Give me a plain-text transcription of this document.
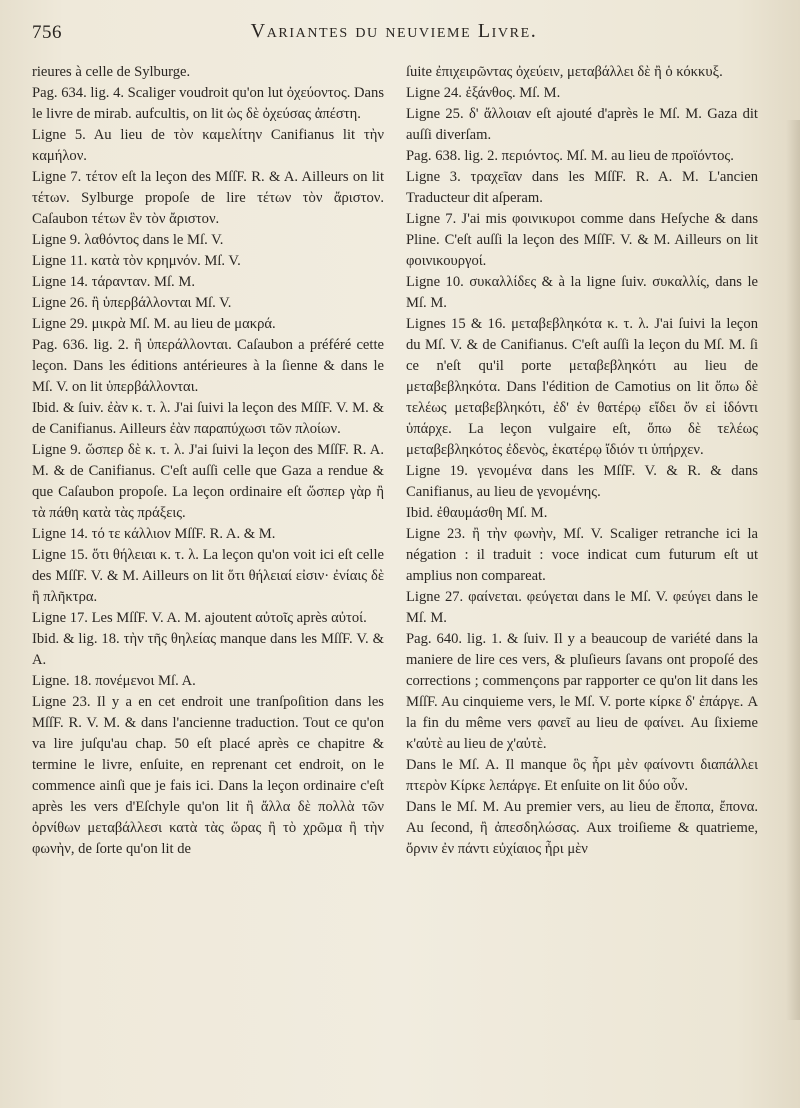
756	Variantes du neuvieme Livre.

rieures à celle de Sylburge.

Pag. 634. lig. 4. Scaliger voudroit qu'on lut ὀχεύοντος. Dans le livre de mirab. aufcultis, on lit ὡς δὲ ὀχεύσας ἀπέστη.

Ligne 5. Au lieu de τὸν καμελίτην Canifianus lit τὴν καμήλον.

Ligne 7. τέτον eſt la leçon des MſſF. R. & A. Ailleurs on lit τέτων. Sylburge propoſe de lire τέτων τὸν ἄριστον. Caſaubon τέτων ἓν τὸν ἄριστον.

Ligne 9. λαθόντος dans le Mſ. V.

Ligne 11. κατὰ τὸν κρημνόν. Mſ. V.

Ligne 14. τάρανταν. Mſ. M.

Ligne 26. ἢ ὑπερβάλλονται Mſ. V.

Ligne 29. μικρὰ Mſ. M. au lieu de μακρά.

Pag. 636. lig. 2. ἢ ὑπεράλλονται. Caſaubon a préféré cette leçon. Dans les éditions antérieures à la ſienne & dans le Mſ. V. on lit ὑπερβάλλονται.

Ibid. & ſuiv. ἐὰν κ. τ. λ. J'ai ſuivi la leçon des MſſF. V. M. & de Canifianus. Ailleurs ἐὰν παραπύχωσι τῶν πλοίων.

Ligne 9. ὥσπερ δὲ κ. τ. λ. J'ai ſuivi la leçon des MſſF. R. A. M. & de Canifianus. C'eſt auſſi celle que Gaza a rendue & que Caſaubon propoſe. La leçon ordinaire eſt ὥσπερ γὰρ ἢ τὰ πάθη κατὰ τὰς πράξεις.

Ligne 14. τό τε κάλλιον MſſF. R. A. & M.

Ligne 15. ὅτι θήλειαι κ. τ. λ. La leçon qu'on voit ici eſt celle des MſſF. V. & M. Ailleurs on lit ὅτι θήλειαί εἰσιν· ἐνίαις δὲ ἢ πλῆκτρα.

Ligne 17. Les MſſF. V. A. M. ajoutent αὐτοῖς après αὐτοί.

Ibid. & lig. 18. τὴν τῆς θηλείας manque dans les MſſF. V. & A.

Ligne. 18. πονέμενοι Mſ. A.

Ligne 23. Il y a en cet endroit une tranſpoſition dans les MſſF. R. V. M. & dans l'ancienne traduction. Tout ce qu'on va lire juſqu'au chap. 50 eſt placé après ce chapitre & termine le livre, enſuite, en reprenant cet endroit, on le commence ainſi que je fais ici. Dans la leçon ordinaire c'eſt après les vers d'Eſchyle qu'on lit ἢ ἄλλα δὲ πολλὰ τῶν ὀρνίθων μεταβάλλεσι κατὰ τὰς ὥρας ἢ τὸ χρῶμα ἢ τὴν φωνὴν, de ſorte qu'on lit de

ſuite ἐπιχειρῶντας ὀχεύειν, μεταβάλλει δὲ ἢ ὁ κόκκυξ.

Ligne 24. ἐξάνθος. Mſ. M.

Ligne 25. δ' ἄλλοιαν eſt ajouté d'après le Mſ. M. Gaza dit auſſi diverſam.

Pag. 638. lig. 2. περιόντος. Mſ. M. au lieu de προϊόντος.

Ligne 3. τραχεῖαν dans les MſſF. R. A. M. L'ancien Traducteur dit aſperam.

Ligne 7. J'ai mis φοινικυροι comme dans Heſyche & dans Pline. C'eſt auſſi la leçon des MſſF. V. & M. Ailleurs on lit φοινικουργοί.

Ligne 10. συκαλλίδες & à la ligne ſuiv. συκαλλίς, dans le Mſ. M.

Lignes 15 & 16. μεταβεβληκότα κ. τ. λ. J'ai ſuivi la leçon du Mſ. V. & de Canifianus. C'eſt auſſi la leçon du Mſ. M. ſi ce n'eſt qu'il porte μεταβεβληκότι au lieu de μεταβεβληκότα. Dans l'édition de Camotius on lit ὅπω δὲ τελέως μεταβεβληκότι, ἐδ' ἐν θατέρῳ εἴδει ὄν εἰ ἰδόντι ὑπάρχε. La leçon vulgaire eſt, ὅπω δὲ τελέως μεταβεβληκότος ἐδενὸς, ἑκατέρῳ ἴδιόν τι ὑπήρχεν.

Ligne 19. γενομένα dans les MſſF. V. & R. & dans Canifianus, au lieu de γενομένης.

Ibid. ἐθαυμάσθη Mſ. M.

Ligne 23. ἢ τὴν φωνὴν, Mſ. V. Scaliger retranche ici la négation : il traduit : voce indicat cum futurum eſt ut amplius non compareat.

Ligne 27. φαίνεται. φεύγεται dans le Mſ. V. φεύγει dans le Mſ. M.

Pag. 640. lig. 1. & ſuiv. Il y a beaucoup de variété dans la maniere de lire ces vers, & pluſieurs ſavans ont propoſé des corrections ; commençons par rapporter ce qu'on lit dans les MſſF. Au cinquieme vers, le Mſ. V. porte κίρκε δ' ἐπάργε. A la fin du même vers φανεῖ au lieu de φαίνει. Au ſixieme κ'αὐτὲ au lieu de χ'αὐτὲ.

Dans le Mſ. A. Il manque ὃς ἦρι μὲν φαίνοντι διαπάλλει πτερὸν Κίρκε λεπάργε. Et enſuite on lit δύο οὖν.

Dans le Mſ. M. Au premier vers, au lieu de ἔποπα, ἔπονα. Au ſecond, ἢ ἀπεσδηλώσας. Aux troiſieme & quatrieme, ὄρνιν ἐν πάντι εὐχίαιος ἦρι μὲν
